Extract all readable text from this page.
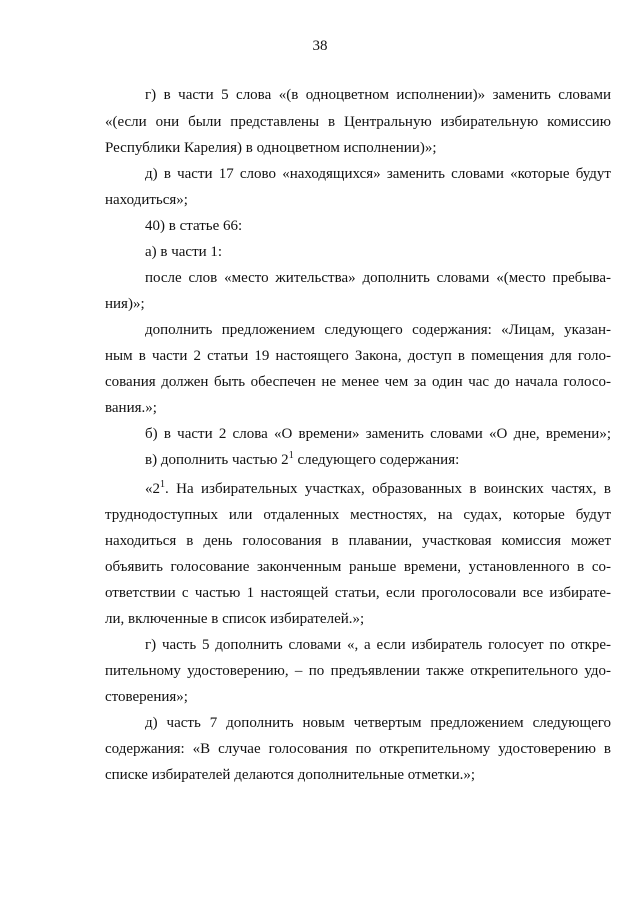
38
г) в части 5 слова «(в одноцветном исполнении)» заменить словами
«(если они были представлены в Центральную избирательную комиссию
Республики Карелия) в одноцветном исполнении)»;
д) в части 17 слово «находящихся» заменить словами «которые будут
находиться»;
40) в статье 66:
а) в части 1:
после слов «место жительства» дополнить словами «(место пребыва-
ния)»;
дополнить предложением следующего содержания: «Лицам, указан-
ным в части 2 статьи 19 настоящего Закона, доступ в помещения для голо-
сования должен быть обеспечен не менее чем за один час до начала голосо-
вания.»;
б) в части 2 слова «О времени» заменить словами «О дне, времени»;
в) дополнить частью $2^1$ следующего содержания:
«$2^1$. На избирательных участках, образованных в воинских частях, в
труднодоступных или отдаленных местностях, на судах, которые будут
находиться в день голосования в плавании, участковая комиссия может
объявить голосование законченным раньше времени, установленного в со-
ответствии с частью 1 настоящей статьи, если проголосовали все избирате-
ли, включенные в список избирателей.»;
г) часть 5 дополнить словами «, а если избиратель голосует по откре-
пительному удостоверению, – по предъявлении также открепительного удо-
стоверения»;
д) часть 7 дополнить новым четвертым предложением следующего
содержания: «В случае голосования по открепительному удостоверению в
списке избирателей делаются дополнительные отметки.»;
